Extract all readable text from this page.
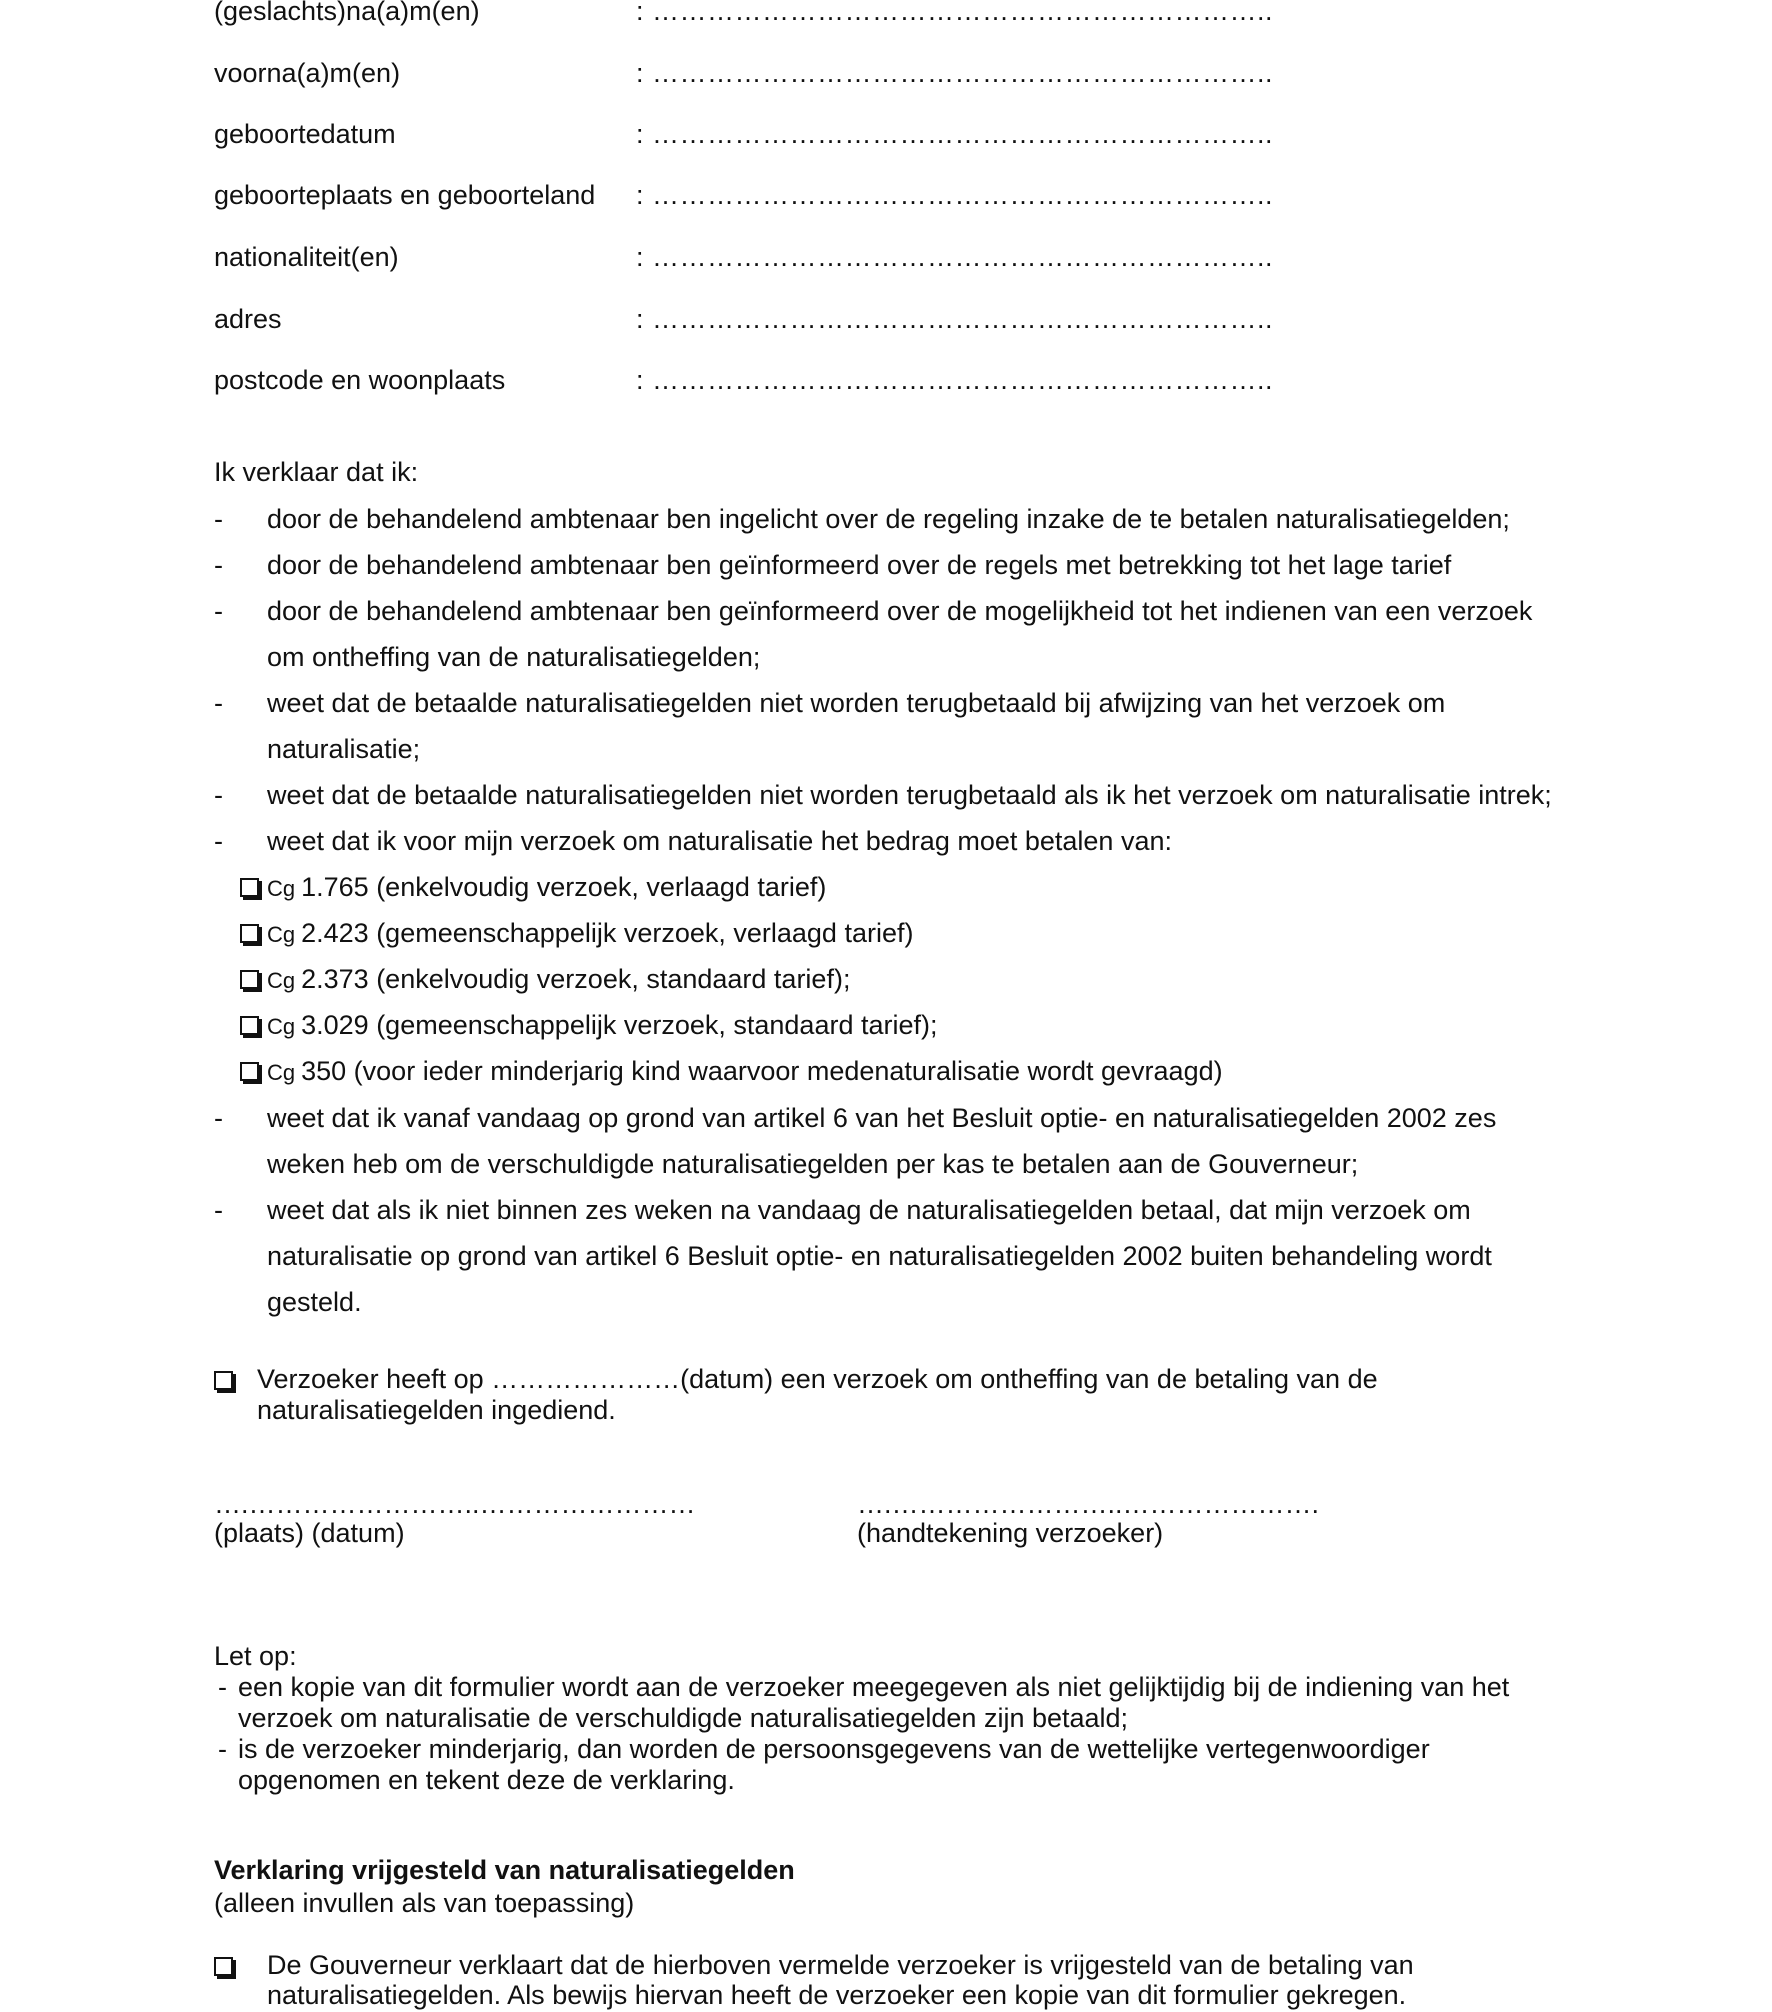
(geslachts)na(a)m(en)	: …………………………………………………………..
voorna(a)m(en)	: …………………………………………………………..
geboortedatum	: …………………………………………………………..
geboorteplaats en geboorteland : …………………………………………………………..
nationaliteit(en)	: …………………………………………………………..
adres	: …………………………………………………………..
postcode en woonplaats	: …………………………………………………………..
Ik verklaar dat ik:
- door de behandelend ambtenaar ben ingelicht over de regeling inzake de te betalen naturalisatiegelden;
- door de behandelend ambtenaar ben geïnformeerd over de regels met betrekking tot het lage tarief
- door de behandelend ambtenaar ben geïnformeerd over de mogelijkheid tot het indienen van een verzoek
om ontheffing van de naturalisatiegelden;
- weet dat de betaalde naturalisatiegelden niet worden terugbetaald bij afwijzing van het verzoek om
naturalisatie;
- weet dat de betaalde naturalisatiegelden niet worden terugbetaald als ik het verzoek om naturalisatie intrek;
- weet dat ik voor mijn verzoek om naturalisatie het bedrag moet betalen van:
Cg 1.765 (enkelvoudig verzoek, verlaagd tarief)
Cg 2.423 (gemeenschappelijk verzoek, verlaagd tarief)
Cg 2.373 (enkelvoudig verzoek, standaard tarief);
Cg 3.029 (gemeenschappelijk verzoek, standaard tarief);
Cg 350 (voor ieder minderjarig kind waarvoor medenaturalisatie wordt gevraagd)
- weet dat ik vanaf vandaag op grond van artikel 6 van het Besluit optie- en naturalisatiegelden 2002 zes
weken heb om de verschuldigde naturalisatiegelden per kas te betalen aan de Gouverneur;
- weet dat als ik niet binnen zes weken na vandaag de naturalisatiegelden betaal, dat mijn verzoek om
naturalisatie op grond van artikel 6 Besluit optie- en naturalisatiegelden 2002 buiten behandeling wordt
gesteld.
Verzoeker heeft op …………………(datum) een verzoek om ontheffing van de betaling van de
naturalisatiegelden ingediend.
….……………………..……………………
(plaats) (datum)
….……………………..………………….
(handtekening verzoeker)
Let op:
- een kopie van dit formulier wordt aan de verzoeker meegegeven als niet gelijktijdig bij de indiening van het
verzoek om naturalisatie de verschuldigde naturalisatiegelden zijn betaald;
- is de verzoeker minderjarig, dan worden de persoonsgegevens van de wettelijke vertegenwoordiger
opgenomen en tekent deze de verklaring.
Verklaring vrijgesteld van naturalisatiegelden
(alleen invullen als van toepassing)
De Gouverneur verklaart dat de hierboven vermelde verzoeker is vrijgesteld van de betaling van
naturalisatiegelden. Als bewijs hiervan heeft de verzoeker een kopie van dit formulier gekregen.
